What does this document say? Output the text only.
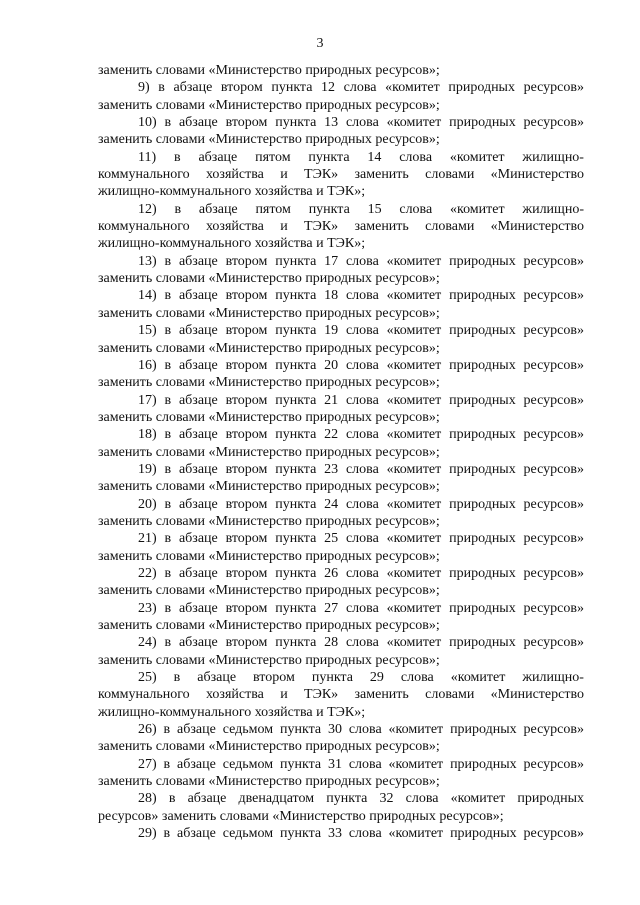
3
заменить словами «Министерство природных ресурсов»;
9) в абзаце втором пункта 12 слова «комитет природных ресурсов»
заменить словами «Министерство природных ресурсов»;
10) в абзаце втором пункта 13 слова «комитет природных ресурсов»
заменить словами «Министерство природных ресурсов»;
11) в абзаце пятом пункта 14 слова «комитет жилищно-
коммунального хозяйства и ТЭК» заменить словами «Министерство
жилищно-коммунального хозяйства и ТЭК»;
12) в абзаце пятом пункта 15 слова «комитет жилищно-
коммунального хозяйства и ТЭК» заменить словами «Министерство
жилищно-коммунального хозяйства и ТЭК»;
13) в абзаце втором пункта 17 слова «комитет природных ресурсов»
заменить словами «Министерство природных ресурсов»;
14) в абзаце втором пункта 18 слова «комитет природных ресурсов»
заменить словами «Министерство природных ресурсов»;
15) в абзаце втором пункта 19 слова «комитет природных ресурсов»
заменить словами «Министерство природных ресурсов»;
16) в абзаце втором пункта 20 слова «комитет природных ресурсов»
заменить словами «Министерство природных ресурсов»;
17) в абзаце втором пункта 21 слова «комитет природных ресурсов»
заменить словами «Министерство природных ресурсов»;
18) в абзаце втором пункта 22 слова «комитет природных ресурсов»
заменить словами «Министерство природных ресурсов»;
19) в абзаце втором пункта 23 слова «комитет природных ресурсов»
заменить словами «Министерство природных ресурсов»;
20) в абзаце втором пункта 24 слова «комитет природных ресурсов»
заменить словами «Министерство природных ресурсов»;
21) в абзаце втором пункта 25 слова «комитет природных ресурсов»
заменить словами «Министерство природных ресурсов»;
22) в абзаце втором пункта 26 слова «комитет природных ресурсов»
заменить словами «Министерство природных ресурсов»;
23) в абзаце втором пункта 27 слова «комитет природных ресурсов»
заменить словами «Министерство природных ресурсов»;
24) в абзаце втором пункта 28 слова «комитет природных ресурсов»
заменить словами «Министерство природных ресурсов»;
25) в абзаце втором пункта 29 слова «комитет жилищно-
коммунального хозяйства и ТЭК» заменить словами «Министерство
жилищно-коммунального хозяйства и ТЭК»;
26) в абзаце седьмом пункта 30 слова «комитет природных ресурсов»
заменить словами «Министерство природных ресурсов»;
27) в абзаце седьмом пункта 31 слова «комитет природных ресурсов»
заменить словами «Министерство природных ресурсов»;
28) в абзаце двенадцатом пункта 32 слова «комитет природных
ресурсов» заменить словами «Министерство природных ресурсов»;
29) в абзаце седьмом пункта 33 слова «комитет природных ресурсов»
